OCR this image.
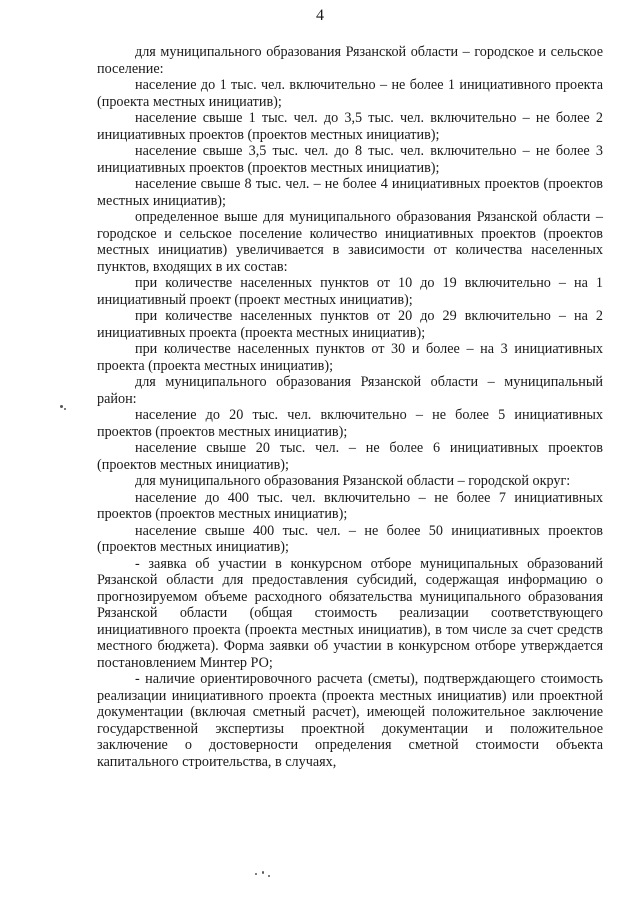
4

для муниципального образования Рязанской области – городское и сельское поселение:

население до 1 тыс. чел. включительно – не более 1 инициативного проекта (проекта местных инициатив);

население свыше 1 тыс. чел. до 3,5 тыс. чел. включительно – не более 2 инициативных проектов (проектов местных инициатив);

население свыше 3,5 тыс. чел. до 8 тыс. чел. включительно – не более 3 инициативных проектов (проектов местных инициатив);

население свыше 8 тыс. чел. – не более 4 инициативных проектов (проектов местных инициатив);

определенное выше для муниципального образования Рязанской области – городское и сельское поселение количество инициативных проектов (проектов местных инициатив) увеличивается в зависимости от количества населенных пунктов, входящих в их состав:

при количестве населенных пунктов от 10 до 19 включительно – на 1 инициативный проект (проект местных инициатив);

при количестве населенных пунктов от 20 до 29 включительно – на 2 инициативных проекта (проекта местных инициатив);

при количестве населенных пунктов от 30 и более – на 3 инициативных проекта (проекта местных инициатив);

для муниципального образования Рязанской области – муниципальный район:

население до 20 тыс. чел. включительно – не более 5 инициативных проектов (проектов местных инициатив);

население свыше 20 тыс. чел. – не более 6 инициативных проектов (проектов местных инициатив);

для муниципального образования Рязанской области – городской округ:

население до 400 тыс. чел. включительно – не более 7 инициативных проектов (проектов местных инициатив);

население свыше 400 тыс. чел. – не более 50 инициативных проектов (проектов местных инициатив);

- заявка об участии в конкурсном отборе муниципальных образований Рязанской области для предоставления субсидий, содержащая информацию о прогнозируемом объеме расходного обязательства муниципального образования Рязанской области (общая стоимость реализации соответствующего инициативного проекта (проекта местных инициатив), в том числе за счет средств местного бюджета). Форма заявки об участии в конкурсном отборе утверждается постановлением Минтер РО;

- наличие ориентировочного расчета (сметы), подтверждающего стоимость реализации инициативного проекта (проекта местных инициатив) или проектной документации (включая сметный расчет), имеющей положительное заключение государственной экспертизы проектной документации и положительное заключение о достоверности определения сметной стоимости объекта капитального строительства, в случаях,
